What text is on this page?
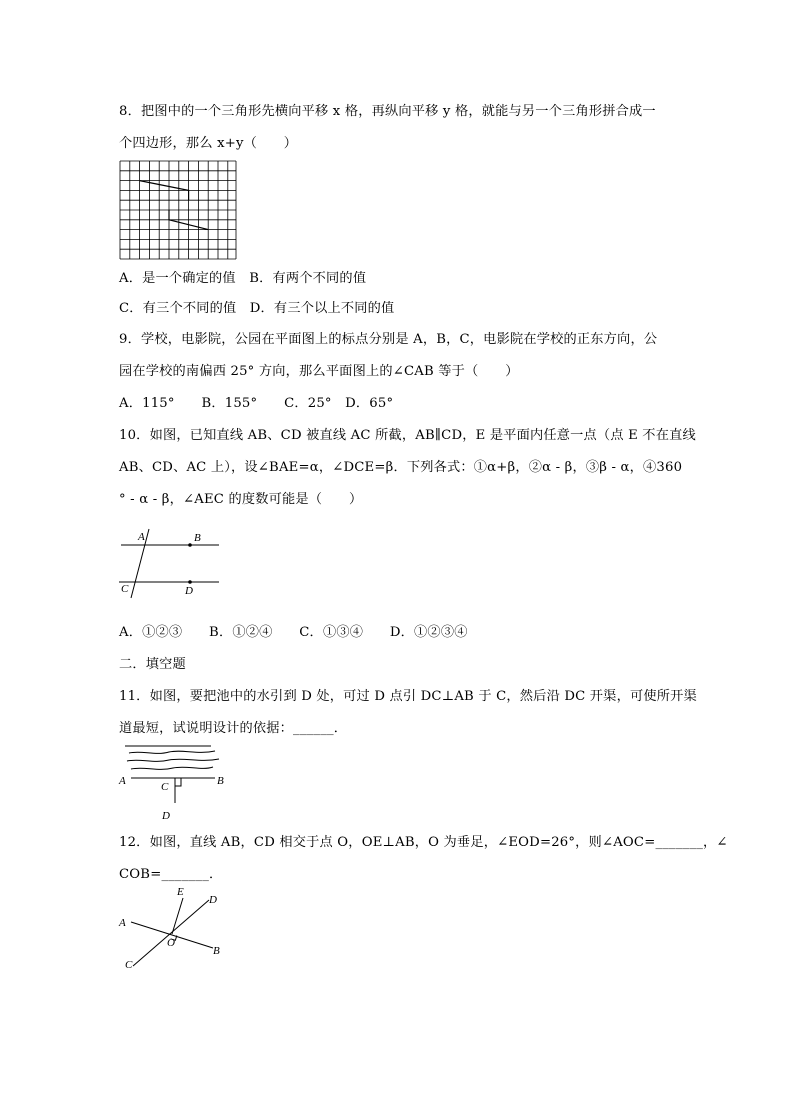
8．把图中的一个三角形先横向平移 x 格，再纵向平移 y 格，就能与另一个三角形拼合成一
个四边形，那么 x+y（　　）
A．是一个确定的值　B．有两个不同的值
C．有三个不同的值　D．有三个以上不同的值
9．学校，电影院，公园在平面图上的标点分别是 A，B，C，电影院在学校的正东方向，公
园在学校的南偏西 25° 方向，那么平面图上的∠CAB 等于（　　）
A．115°　　B．155°　　C．25°　D．65°
10．如图，已知直线 AB、CD 被直线 AC 所截，AB∥CD，E 是平面内任意一点（点 E 不在直线
AB、CD、AC 上），设∠BAE=α，∠DCE=β．下列各式：①α+β，②α - β，③β - α，④360
° - α - β，∠AEC 的度数可能是（　　）
A	B
C	D
A．①②③　　B．①②④　　C．①③④　　D．①②③④
二．填空题
11．如图，要把池中的水引到 D 处，可过 D 点引 DC⊥AB 于 C，然后沿 DC 开渠，可使所开渠
道最短，试说明设计的依据：______．
A	B
C
D
12．如图，直线 AB，CD 相交于点 O，OE⊥AB，O 为垂足，∠EOD=26°，则∠AOC=_______，∠
COB=_______．
E
D
A
O
B
C
